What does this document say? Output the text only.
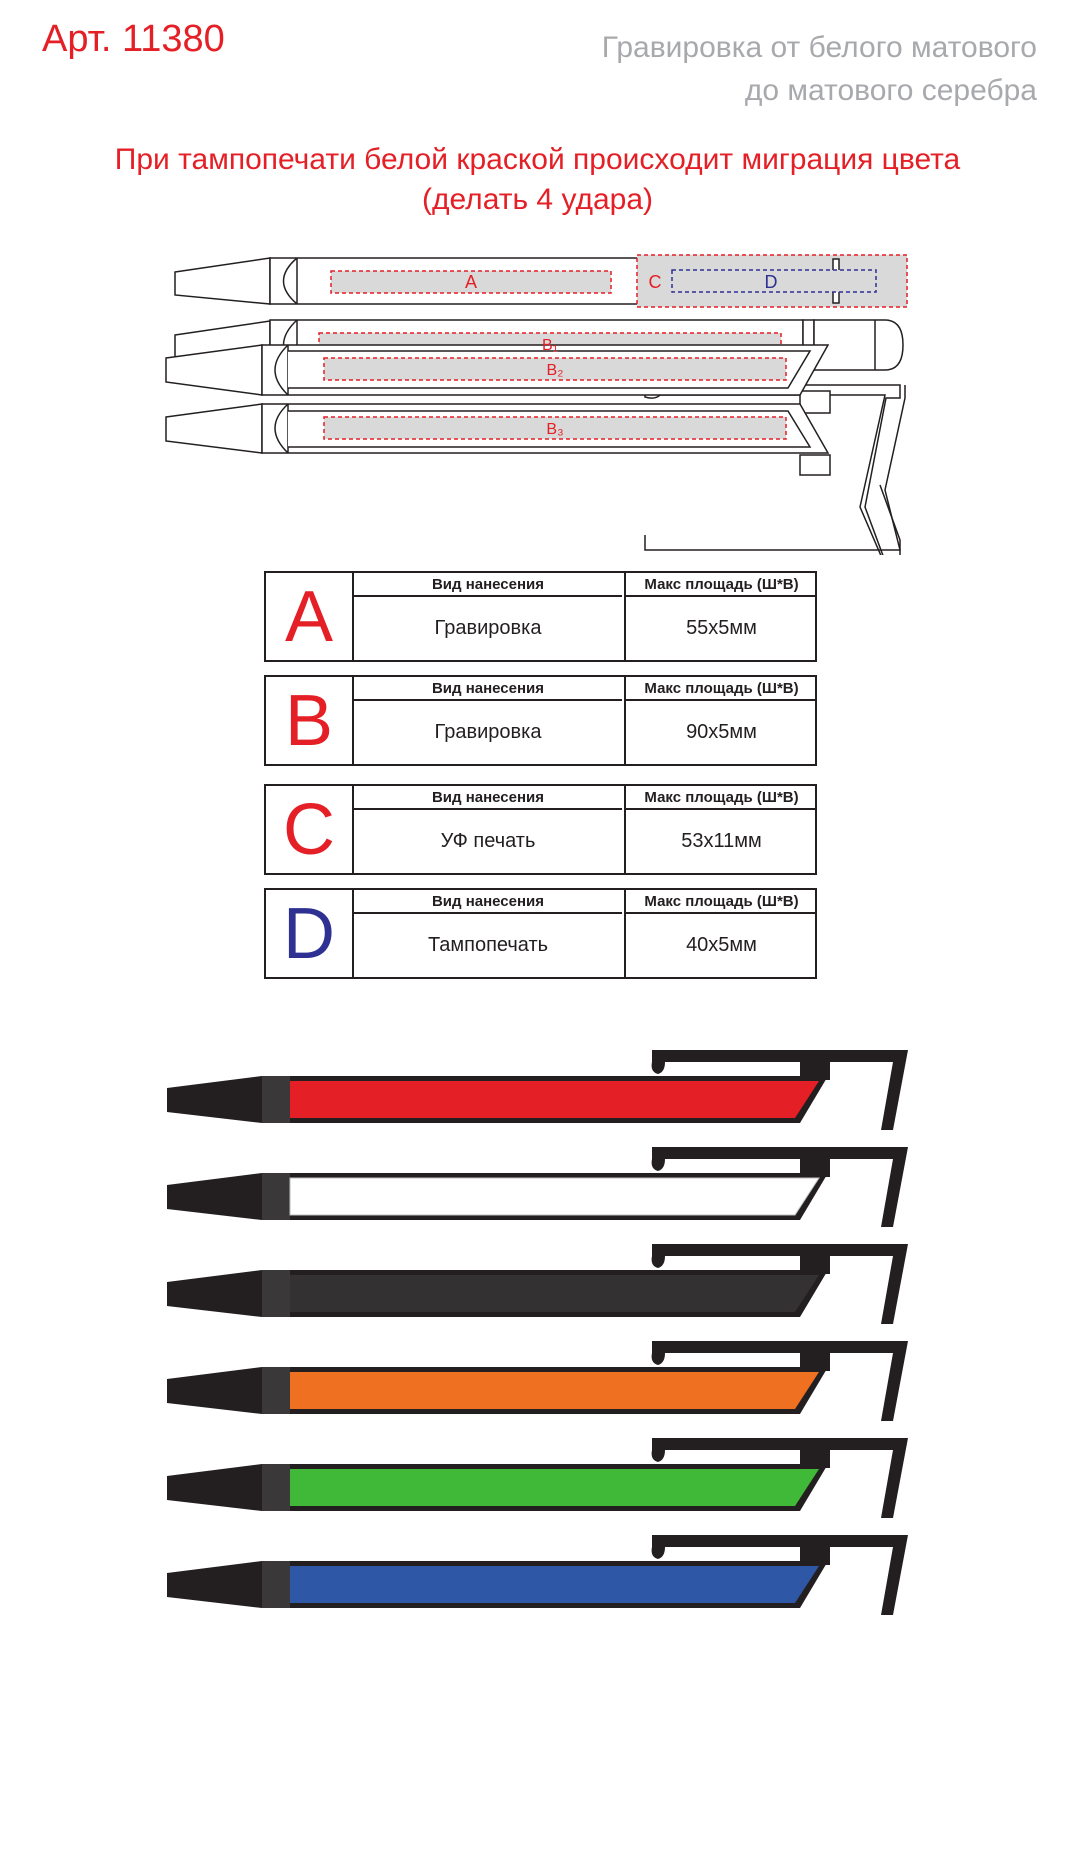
Арт. 11380	Гравировка от белого матового
до матового серебра
При тампопечати белой краской происходит миграция цвета
(делать 4 удара)
A	C	D
B₁
B₂
B₃
A	Вид нанесения	Макс площадь (Ш*В)
Гравировка	55х5мм
B	Вид нанесения	Макс площадь (Ш*В)
Гравировка	90х5мм
C	Вид нанесения	Макс площадь (Ш*В)
УФ печать	53х11мм
D	Вид нанесения	Макс площадь (Ш*В)
Тампопечать	40х5мм
